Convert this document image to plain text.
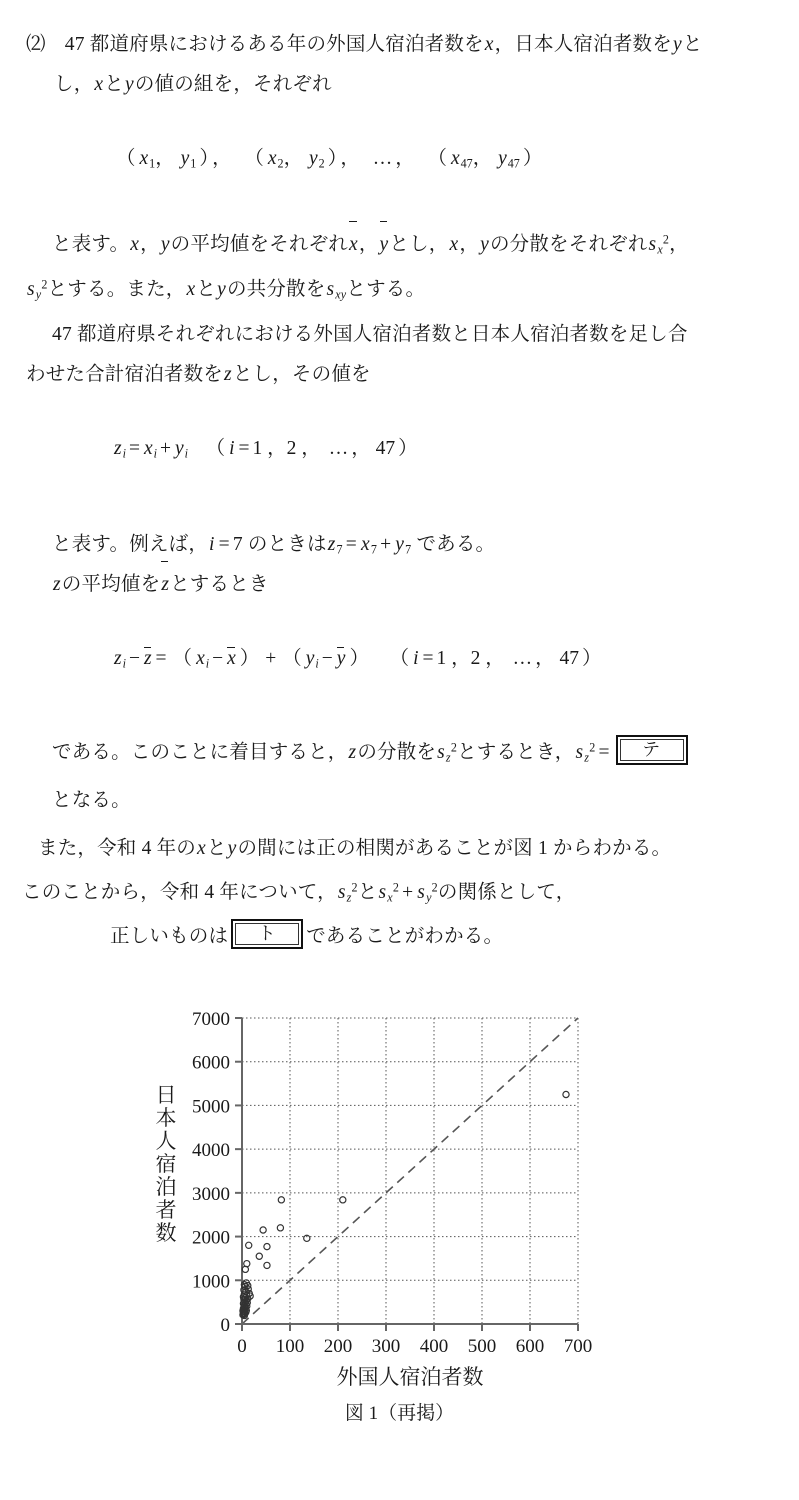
⑵ 47 都道府県におけるある年の外国人宿泊者数をx，日本人宿泊者数をyと
し，xとyの値の組を，それぞれ
（ $x_1$， $y_1$ ） ， （ $x_2$， $y_2$ ） ， … ， （ $x_{47}$， $y_{47}$ ）
と表す。x，yの平均値をそれぞれx，yとし，x，yの分散をそれぞれ$s_x^2$，
$s_y^2$とする。また，xとyの共分散を$s_{xy}$とする。
47 都道府県それぞれにおける外国人宿泊者数と日本人宿泊者数を足し合
わせた合計宿泊者数をzとし，その値を
$z_i = x_i + y_i$ （ i = 1 ，2 ， … ， 47 ）
と表す。例えば，i = 7 のときは$z_7 = x_7 + y_7$ である。
zの平均値をzとするとき
$z_i - z$ = （ $x_i - x$ ） + （ $y_i - y$ ） （ i = 1 ，2 ， … ， 47 ）
である。このことに着目すると，zの分散を$s_z^2$とするとき，$s_z^2$ =	テ
となる。
また，令和 4 年のxとyの間には正の相関があることが図 1 からわかる。
このことから，令和 4 年について，$s_z^2$と$s_x^2 + s_y^2$の関係として，
正しいものは	ト	であることがわかる。
0
1000
2000
3000
4000
5000
6000
7000
0 100 200 300 400 500 600 700
外国人宿泊者数
日
本
人
宿
泊
者
数
図 1（再掲）
